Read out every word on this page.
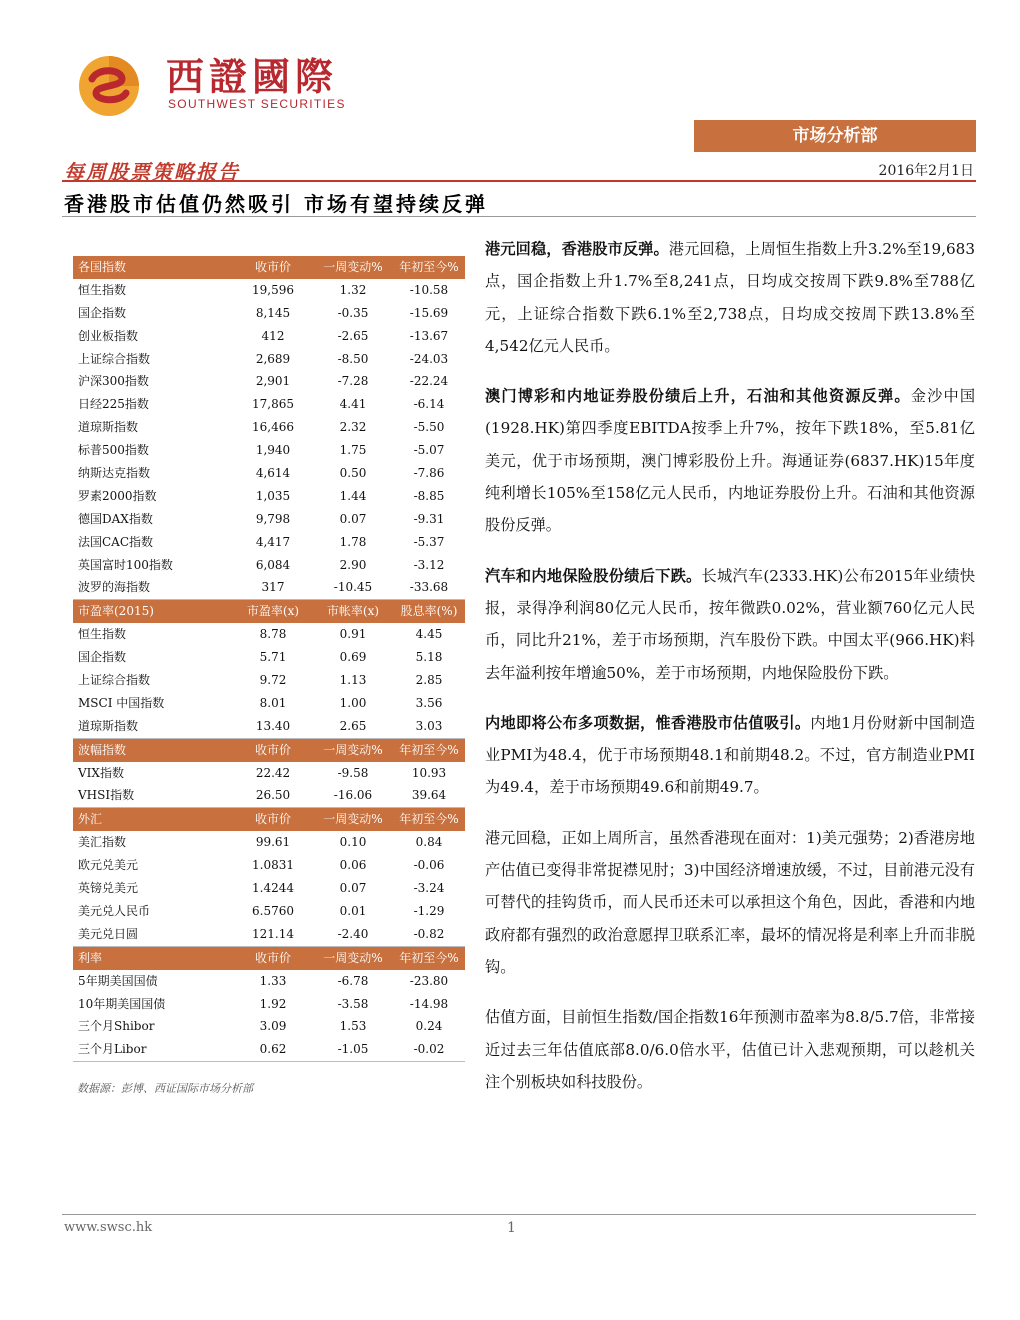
西證國際
SOUTHWEST SECURITIES
市场分析部
每周股票策略报告	2016年2月1日
香港股市估值仍然吸引 市场有望持续反弹
各国指数	收市价	一周变动%	年初至今%
恒生指数	19,596	1.32	-10.58
国企指数	8,145	-0.35	-15.69
创业板指数	412	-2.65	-13.67
上证综合指数	2,689	-8.50	-24.03
沪深300指数	2,901	-7.28	-22.24
日经225指数	17,865	4.41	-6.14
道琼斯指数	16,466	2.32	-5.50
标普500指数	1,940	1.75	-5.07
纳斯达克指数	4,614	0.50	-7.86
罗素2000指数	1,035	1.44	-8.85
德国DAX指数	9,798	0.07	-9.31
法国CAC指数	4,417	1.78	-5.37
英国富时100指数	6,084	2.90	-3.12
波罗的海指数	317	-10.45	-33.68
市盈率(2015)	市盈率(x)	市帐率(x)	股息率(%)
恒生指数	8.78	0.91	4.45
国企指数	5.71	0.69	5.18
上证综合指数	9.72	1.13	2.85
MSCI 中国指数	8.01	1.00	3.56
道琼斯指数	13.40	2.65	3.03
波幅指数	收市价	一周变动%	年初至今%
VIX指数	22.42	-9.58	10.93
VHSI指数	26.50	-16.06	39.64
外汇	收市价	一周变动%	年初至今%
美汇指数	99.61	0.10	0.84
欧元兑美元	1.0831	0.06	-0.06
英镑兑美元	1.4244	0.07	-3.24
美元兑人民币	6.5760	0.01	-1.29
美元兑日圆	121.14	-2.40	-0.82
利率	收市价	一周变动%	年初至今%
5年期美国国债	1.33	-6.78	-23.80
10年期美国国债	1.92	-3.58	-14.98
三个月Shibor	3.09	1.53	0.24
三个月Libor	0.62	-1.05	-0.02
数据源：彭博、西证国际市场分析部

港元回稳，香港股市反弹。港元回稳，上周恒生指数上升3.2%至19,683点，国企指数上升1.7%至8,241点，日均成交按周下跌9.8%至788亿元，上证综合指数下跌6.1%至2,738点，日均成交按周下跌13.8%至4,542亿元人民币。

澳门博彩和内地证券股份绩后上升，石油和其他资源反弹。金沙中国(1928.HK)第四季度EBITDA按季上升7%，按年下跌18%，至5.81亿美元，优于市场预期，澳门博彩股份上升。海通证券(6837.HK)15年度纯利增长105%至158亿元人民币，内地证券股份上升。石油和其他资源股份反弹。

汽车和内地保险股份绩后下跌。长城汽车(2333.HK)公布2015年业绩快报，录得净利润80亿元人民币，按年微跌0.02%，营业额760亿元人民币，同比升21%，差于市场预期，汽车股份下跌。中国太平(966.HK)料去年溢利按年增逾50%，差于市场预期，内地保险股份下跌。

内地即将公布多项数据，惟香港股市估值吸引。内地1月份财新中国制造业PMI为48.4，优于市场预期48.1和前期48.2。不过，官方制造业PMI为49.4，差于市场预期49.6和前期49.7。

港元回稳，正如上周所言，虽然香港现在面对：1)美元强势；2)香港房地产估值已变得非常捉襟见肘；3)中国经济增速放缓，不过，目前港元没有可替代的挂钩货币，而人民币还未可以承担这个角色，因此，香港和内地政府都有强烈的政治意愿捍卫联系汇率，最坏的情况将是利率上升而非脱钩。

估值方面，目前恒生指数/国企指数16年预测市盈率为8.8/5.7倍，非常接近过去三年估值底部8.0/6.0倍水平，估值已计入悲观预期，可以趁机关注个别板块如科技股份。

www.swsc.hk	1
